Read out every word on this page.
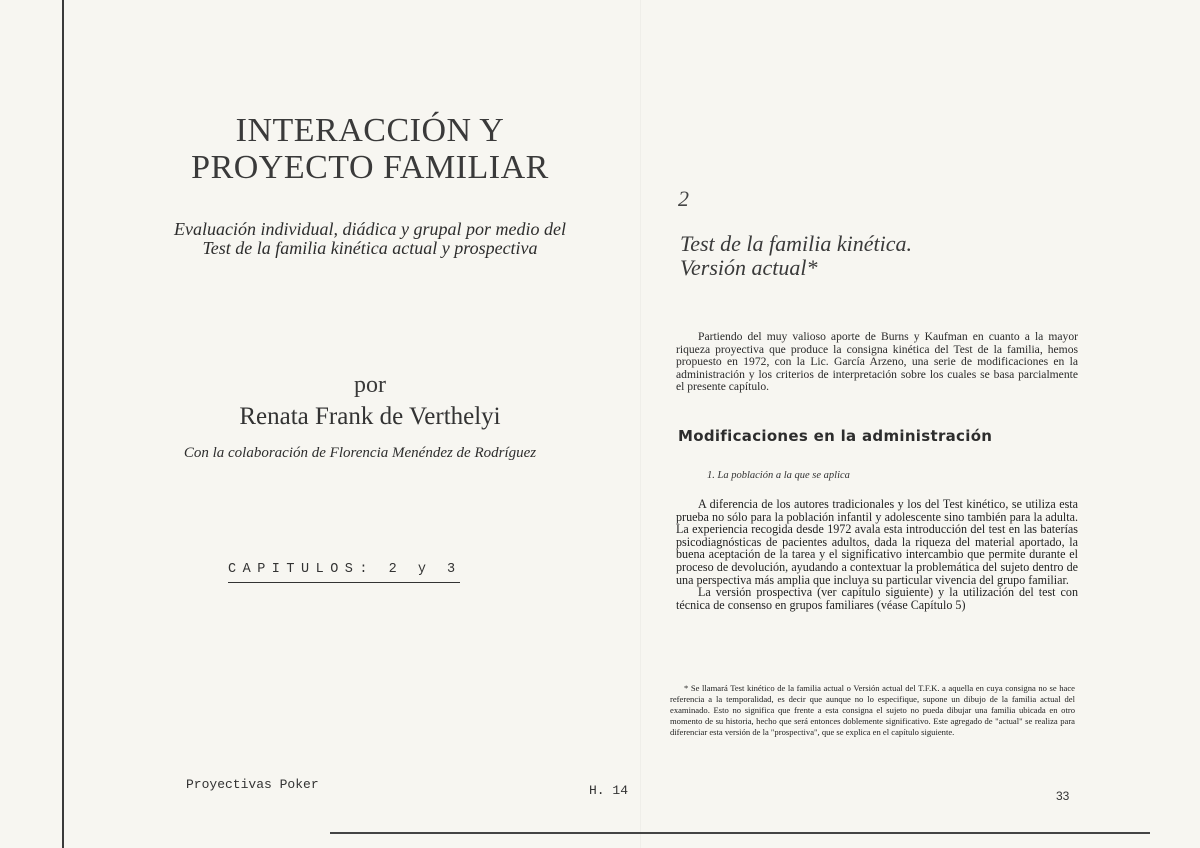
INTERACCIÓN Y
PROYECTO FAMILIAR

Evaluación individual, diádica y grupal por medio del
Test de la familia kinética actual y prospectiva

por
Renata Frank de Verthelyi
Con la colaboración de Florencia Menéndez de Rodríguez
CAPITULOS: 2 y 3
Proyectivas Poker	H. 14
2
Test de la familia kinética.
Versión actual*

Partiendo del muy valioso aporte de Burns y Kaufman en cuanto a la mayor riqueza proyectiva que produce la consigna kinética del Test de la familia, hemos propuesto en 1972, con la Lic. García Arzeno, una serie de modificaciones en la administración y los criterios de interpretación sobre los cuales se basa parcialmente el presente capítulo.

Modificaciones en la administración

1. La población a la que se aplica

A diferencia de los autores tradicionales y los del Test kinético, se utiliza esta prueba no sólo para la población infantil y adolescente sino también para la adulta. La experiencia recogida desde 1972 avala esta introducción del test en las baterías psicodiagnósticas de pacientes adultos, dada la riqueza del material aportado, la buena aceptación de la tarea y el significativo intercambio que permite durante el proceso de devolución, ayudando a contextuar la problemática del sujeto dentro de una perspectiva más amplia que incluya su particular vivencia del grupo familiar.

La versión prospectiva (ver capítulo siguiente) y la utilización del test con técnica de consenso en grupos familiares (véase Capítulo 5)

* Se llamará Test kinético de la familia actual o Versión actual del T.F.K. a aquella en cuya consigna no se hace referencia a la temporalidad, es decir que aunque no lo especifique, supone un dibujo de la familia actual del examinado. Esto no significa que frente a esta consigna el sujeto no pueda dibujar una familia ubicada en otro momento de su historia, hecho que será entonces doblemente significativo. Este agregado de "actual" se realiza para diferenciar esta versión de la "prospectiva", que se explica en el capítulo siguiente.

33
